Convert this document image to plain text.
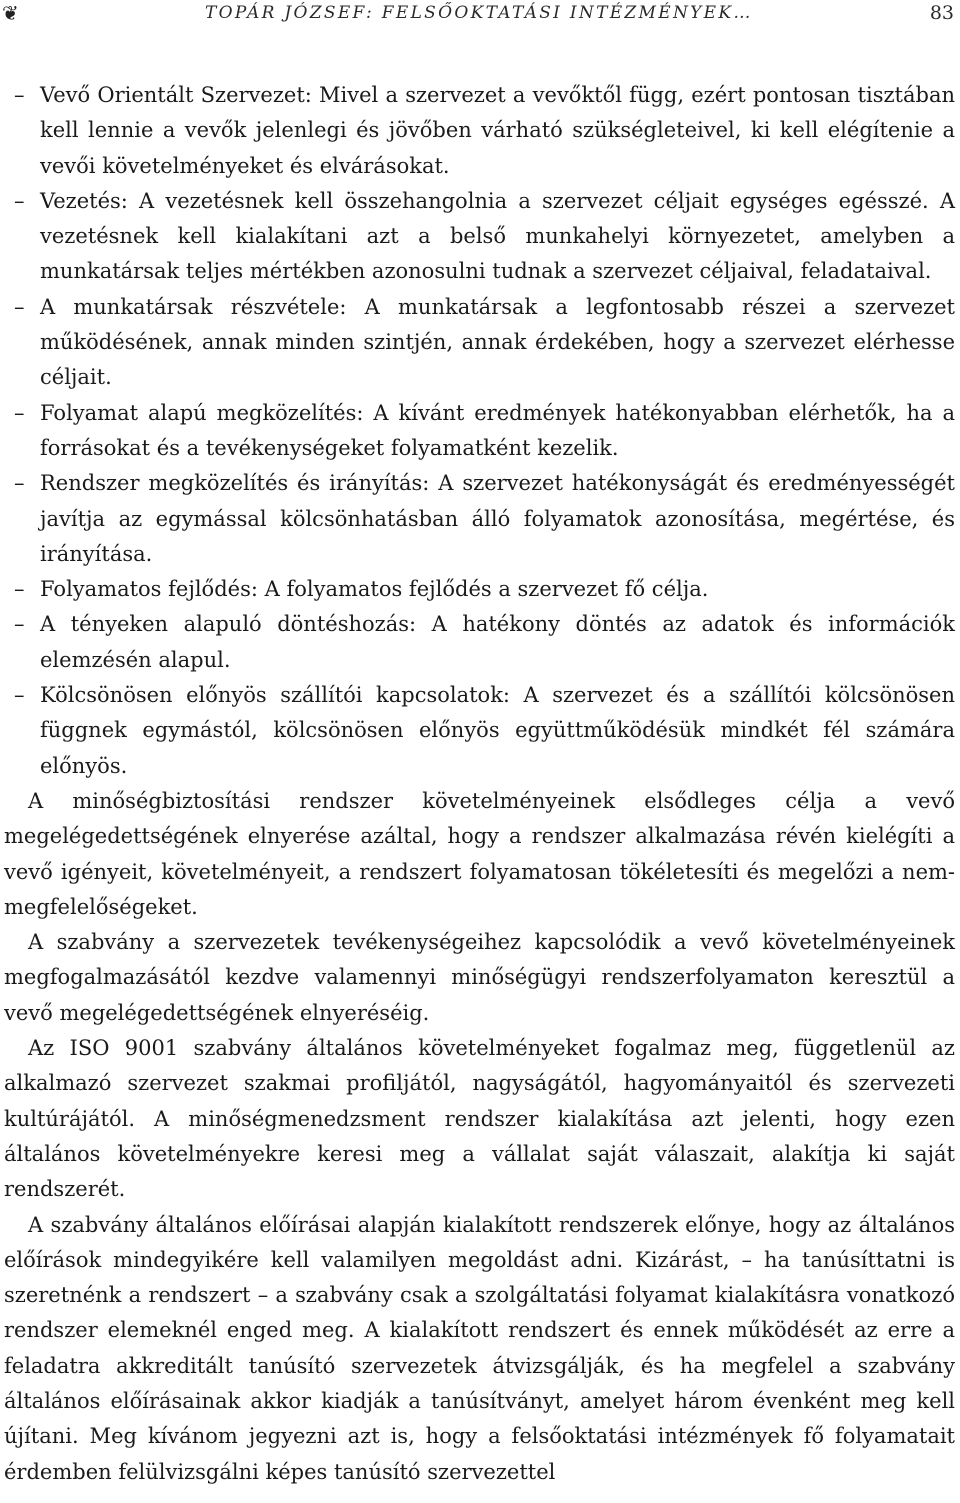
❦	TOPÁR JÓZSEF: FELSŐOKTATÁSI INTÉZMÉNYEK…	83
– Vevő Orientált Szervezet: Mivel a szervezet a vevőktől függ, ezért pontosan tisztában kell lennie a vevők jelenlegi és jövőben várható szükségleteivel, ki kell elégítenie a vevői követelményeket és elvárásokat.
– Vezetés: A vezetésnek kell összehangolnia a szervezet céljait egységes egésszé. A vezetésnek kell kialakítani azt a belső munkahelyi környezetet, amelyben a munkatársak teljes mértékben azonosulni tudnak a szervezet céljaival, feladataival.
– A munkatársak részvétele: A munkatársak a legfontosabb részei a szervezet működésének, annak minden szintjén, annak érdekében, hogy a szervezet elérhesse céljait.
– Folyamat alapú megközelítés: A kívánt eredmények hatékonyabban elérhetők, ha a forrásokat és a tevékenységeket folyamatként kezelik.
– Rendszer megközelítés és irányítás: A szervezet hatékonyságát és eredményességét javítja az egymással kölcsönhatásban álló folyamatok azonosítása, megértése, és irányítása.
– Folyamatos fejlődés: A folyamatos fejlődés a szervezet fő célja.
– A tényeken alapuló döntéshozás: A hatékony döntés az adatok és információk elemzésén alapul.
– Kölcsönösen előnyös szállítói kapcsolatok: A szervezet és a szállítói kölcsönösen függnek egymástól, kölcsönösen előnyös együttműködésük mindkét fél számára előnyös.

A minőségbiztosítási rendszer követelményeinek elsődleges célja a vevő megelégedettségének elnyerése azáltal, hogy a rendszer alkalmazása révén kielégíti a vevő igényeit, követelményeit, a rendszert folyamatosan tökéletesíti és megelőzi a nem-megfelelőségeket.

A szabvány a szervezetek tevékenységeihez kapcsolódik a vevő követelményeinek megfogalmazásától kezdve valamennyi minőségügyi rendszerfolyamaton keresztül a vevő megelégedettségének elnyeréséig.

Az ISO 9001 szabvány általános követelményeket fogalmaz meg, függetlenül az alkalmazó szervezet szakmai profiljától, nagyságától, hagyományaitól és szervezeti kultúrájától. A minőségmenedzsment rendszer kialakítása azt jelenti, hogy ezen általános követelményekre keresi meg a vállalat saját válaszait, alakítja ki saját rendszerét.

A szabvány általános előírásai alapján kialakított rendszerek előnye, hogy az általános előírások mindegyikére kell valamilyen megoldást adni. Kizárást, – ha tanúsíttatni is szeretnénk a rendszert – a szabvány csak a szolgáltatási folyamat kialakításra vonatkozó rendszer elemeknél enged meg. A kialakított rendszert és ennek működését az erre a feladatra akkreditált tanúsító szervezetek átvizsgálják, és ha megfelel a szabvány általános előírásainak akkor kiadják a tanúsítványt, amelyet három évenként meg kell újítani. Meg kívánom jegyezni azt is, hogy a felsőoktatási intézmények fő folyamatait érdemben felülvizsgálni képes tanúsító szervezettel
